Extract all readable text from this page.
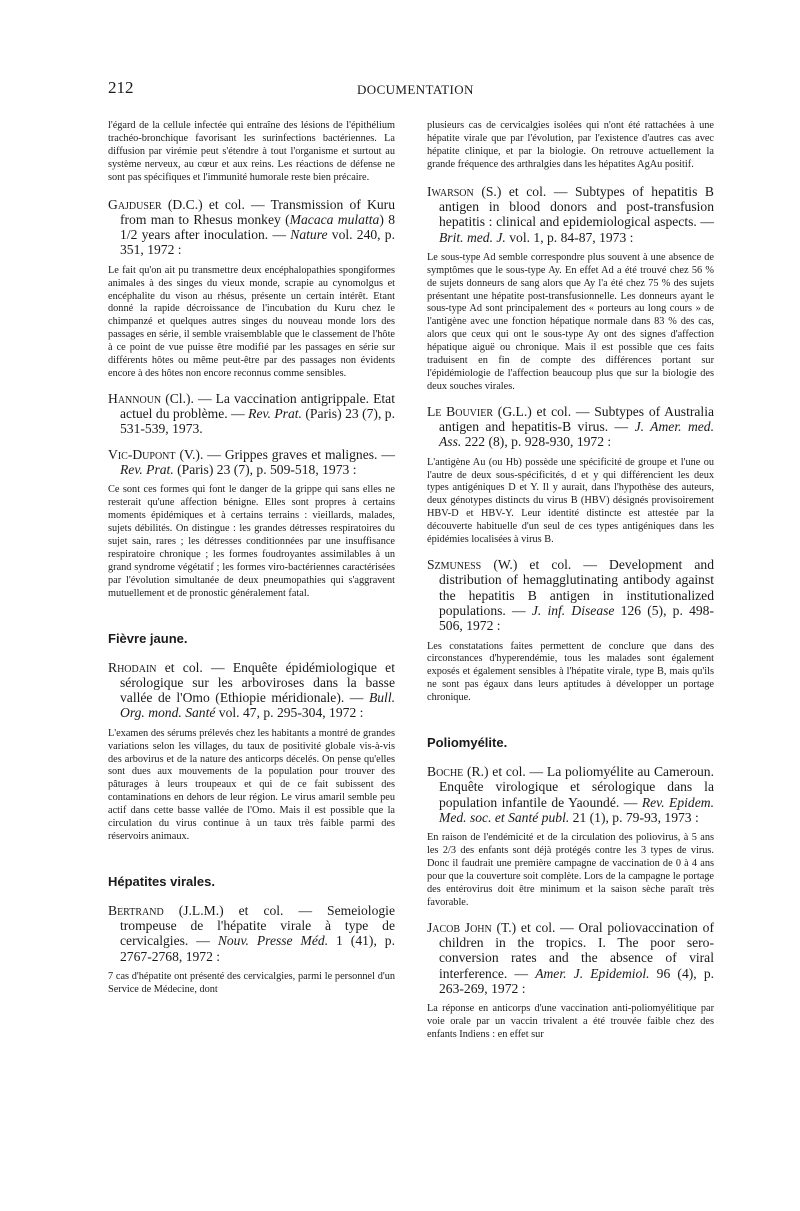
212	DOCUMENTATION

l'égard de la cellule infectée qui entraîne des lésions de l'épithélium trachéo-bronchique favorisant les surinfections bactériennes. La diffusion par virémie peut s'étendre à tout l'organisme et surtout au système nerveux, au cœur et aux reins. Les réactions de défense ne sont pas spécifiques et l'immunité humorale reste bien précaire.

Gajduser (D.C.) et col. — Transmission of Kuru from man to Rhesus monkey (Macaca mulatta) 8 1/2 years after inoculation. — Nature vol. 240, p. 351, 1972 :

Le fait qu'on ait pu transmettre deux encéphalopathies spongiformes animales à des singes du vieux monde, scrapie au cynomolgus et encéphalite du vison au rhésus, présente un certain intérêt. Etant donné la rapide décroissance de l'incubation du Kuru chez le chimpanzé et quelques autres singes du nouveau monde lors des passages en série, il semble vraisemblable que le classement de l'hôte à ce point de vue puisse être modifié par les passages en série sur différents hôtes ou même peut-être par des passages non évidents encore à des hôtes non encore reconnus comme sensibles.

Hannoun (Cl.). — La vaccination antigrippale. Etat actuel du problème. — Rev. Prat. (Paris) 23 (7), p. 531-539, 1973.

Vic-Dupont (V.). — Grippes graves et malignes. — Rev. Prat. (Paris) 23 (7), p. 509-518, 1973 :

Ce sont ces formes qui font le danger de la grippe qui sans elles ne resterait qu'une affection bénigne. Elles sont propres à certains moments épidémiques et à certains terrains : vieillards, malades, sujets débilités. On distingue : les grandes détresses respiratoires du sujet sain, rares ; les détresses conditionnées par une insuffisance respiratoire chronique ; les formes foudroyantes assimilables à un grand syndrome végétatif ; les formes viro-bactériennes caractérisées par l'évolution simultanée de deux pneumopathies qui s'aggravent mutuellement et de pronostic généralement fatal.

Fièvre jaune.

Rhodain et col. — Enquête épidémiologique et sérologique sur les arboviroses dans la basse vallée de l'Omo (Ethiopie méridionale). — Bull. Org. mond. Santé vol. 47, p. 295-304, 1972 :

L'examen des sérums prélevés chez les habitants a montré de grandes variations selon les villages, du taux de positivité globale vis-à-vis des arbovirus et de la nature des anticorps décelés. On pense qu'elles sont dues aux mouvements de la population pour trouver des pâturages à leurs troupeaux et qui de ce fait subissent des contaminations en dehors de leur région. Le virus amaril semble peu actif dans cette basse vallée de l'Omo. Mais il est possible que la circulation du virus continue à un taux très faible parmi des réservoirs animaux.

Hépatites virales.

Bertrand (J.L.M.) et col. — Semeiologie trompeuse de l'hépatite virale à type de cervicalgies. — Nouv. Presse Méd. 1 (41), p. 2767-2768, 1972 :

7 cas d'hépatite ont présenté des cervicalgies, parmi le personnel d'un Service de Médecine, dont

plusieurs cas de cervicalgies isolées qui n'ont été rattachées à une hépatite virale que par l'évolution, par l'existence d'autres cas avec hépatite clinique, et par la biologie. On retrouve actuellement la grande fréquence des arthralgies dans les hépatites AgAu positif.

Iwarson (S.) et col. — Subtypes of hepatitis B antigen in blood donors and post-transfusion hepatitis : clinical and epidemiological aspects. — Brit. med. J. vol. 1, p. 84-87, 1973 :

Le sous-type Ad semble correspondre plus souvent à une absence de symptômes que le sous-type Ay. En effet Ad a été trouvé chez 56 % de sujets donneurs de sang alors que Ay l'a été chez 75 % des sujets présentant une hépatite post-transfusionnelle. Les donneurs ayant le sous-type Ad sont principalement des « porteurs au long cours » de l'antigène avec une fonction hépatique normale dans 83 % des cas, alors que ceux qui ont le sous-type Ay ont des signes d'affection hépatique aiguë ou chronique. Mais il est possible que ces faits traduisent en fin de compte des différences portant sur l'épidémiologie de l'affection beaucoup plus que sur la biologie des deux souches virales.

Le Bouvier (G.L.) et col. — Subtypes of Australia antigen and hepatitis-B virus. — J. Amer. med. Ass. 222 (8), p. 928-930, 1972 :

L'antigène Au (ou Hb) possède une spécificité de groupe et l'une ou l'autre de deux sous-spécificités, d et y qui différencient les deux types antigéniques D et Y. Il y aurait, dans l'hypothèse des auteurs, deux génotypes distincts du virus B (HBV) désignés provisoirement HBV-D et HBV-Y. Leur identité distincte est attestée par la découverte habituelle d'un seul de ces types antigéniques dans les épidémies localisées à virus B.

Szmuness (W.) et col. — Development and distribution of hemagglutinating antibody against the hepatitis B antigen in institutionalized populations. — J. inf. Disease 126 (5), p. 498-506, 1972 :

Les constatations faites permettent de conclure que dans des circonstances d'hyperendémie, tous les malades sont également exposés et également sensibles à l'hépatite virale, type B, mais qu'ils ne sont pas égaux dans leurs aptitudes à développer un portage chronique.

Poliomyélite.

Boche (R.) et col. — La poliomyélite au Cameroun. Enquête virologique et sérologique dans la population infantile de Yaoundé. — Rev. Epidem. Med. soc. et Santé publ. 21 (1), p. 79-93, 1973 :

En raison de l'endémicité et de la circulation des poliovirus, à 5 ans les 2/3 des enfants sont déjà protégés contre les 3 types de virus. Donc il faudrait une première campagne de vaccination de 0 à 4 ans pour que la couverture soit complète. Lors de la campagne le portage des entérovirus doit être minimum et la saison sèche paraît très favorable.

Jacob John (T.) et col. — Oral poliovaccination of children in the tropics. I. The poor sero-conversion rates and the absence of viral interference. — Amer. J. Epidemiol. 96 (4), p. 263-269, 1972 :

La réponse en anticorps d'une vaccination anti-poliomyélitique par voie orale par un vaccin trivalent a été trouvée faible chez des enfants Indiens : en effet sur
